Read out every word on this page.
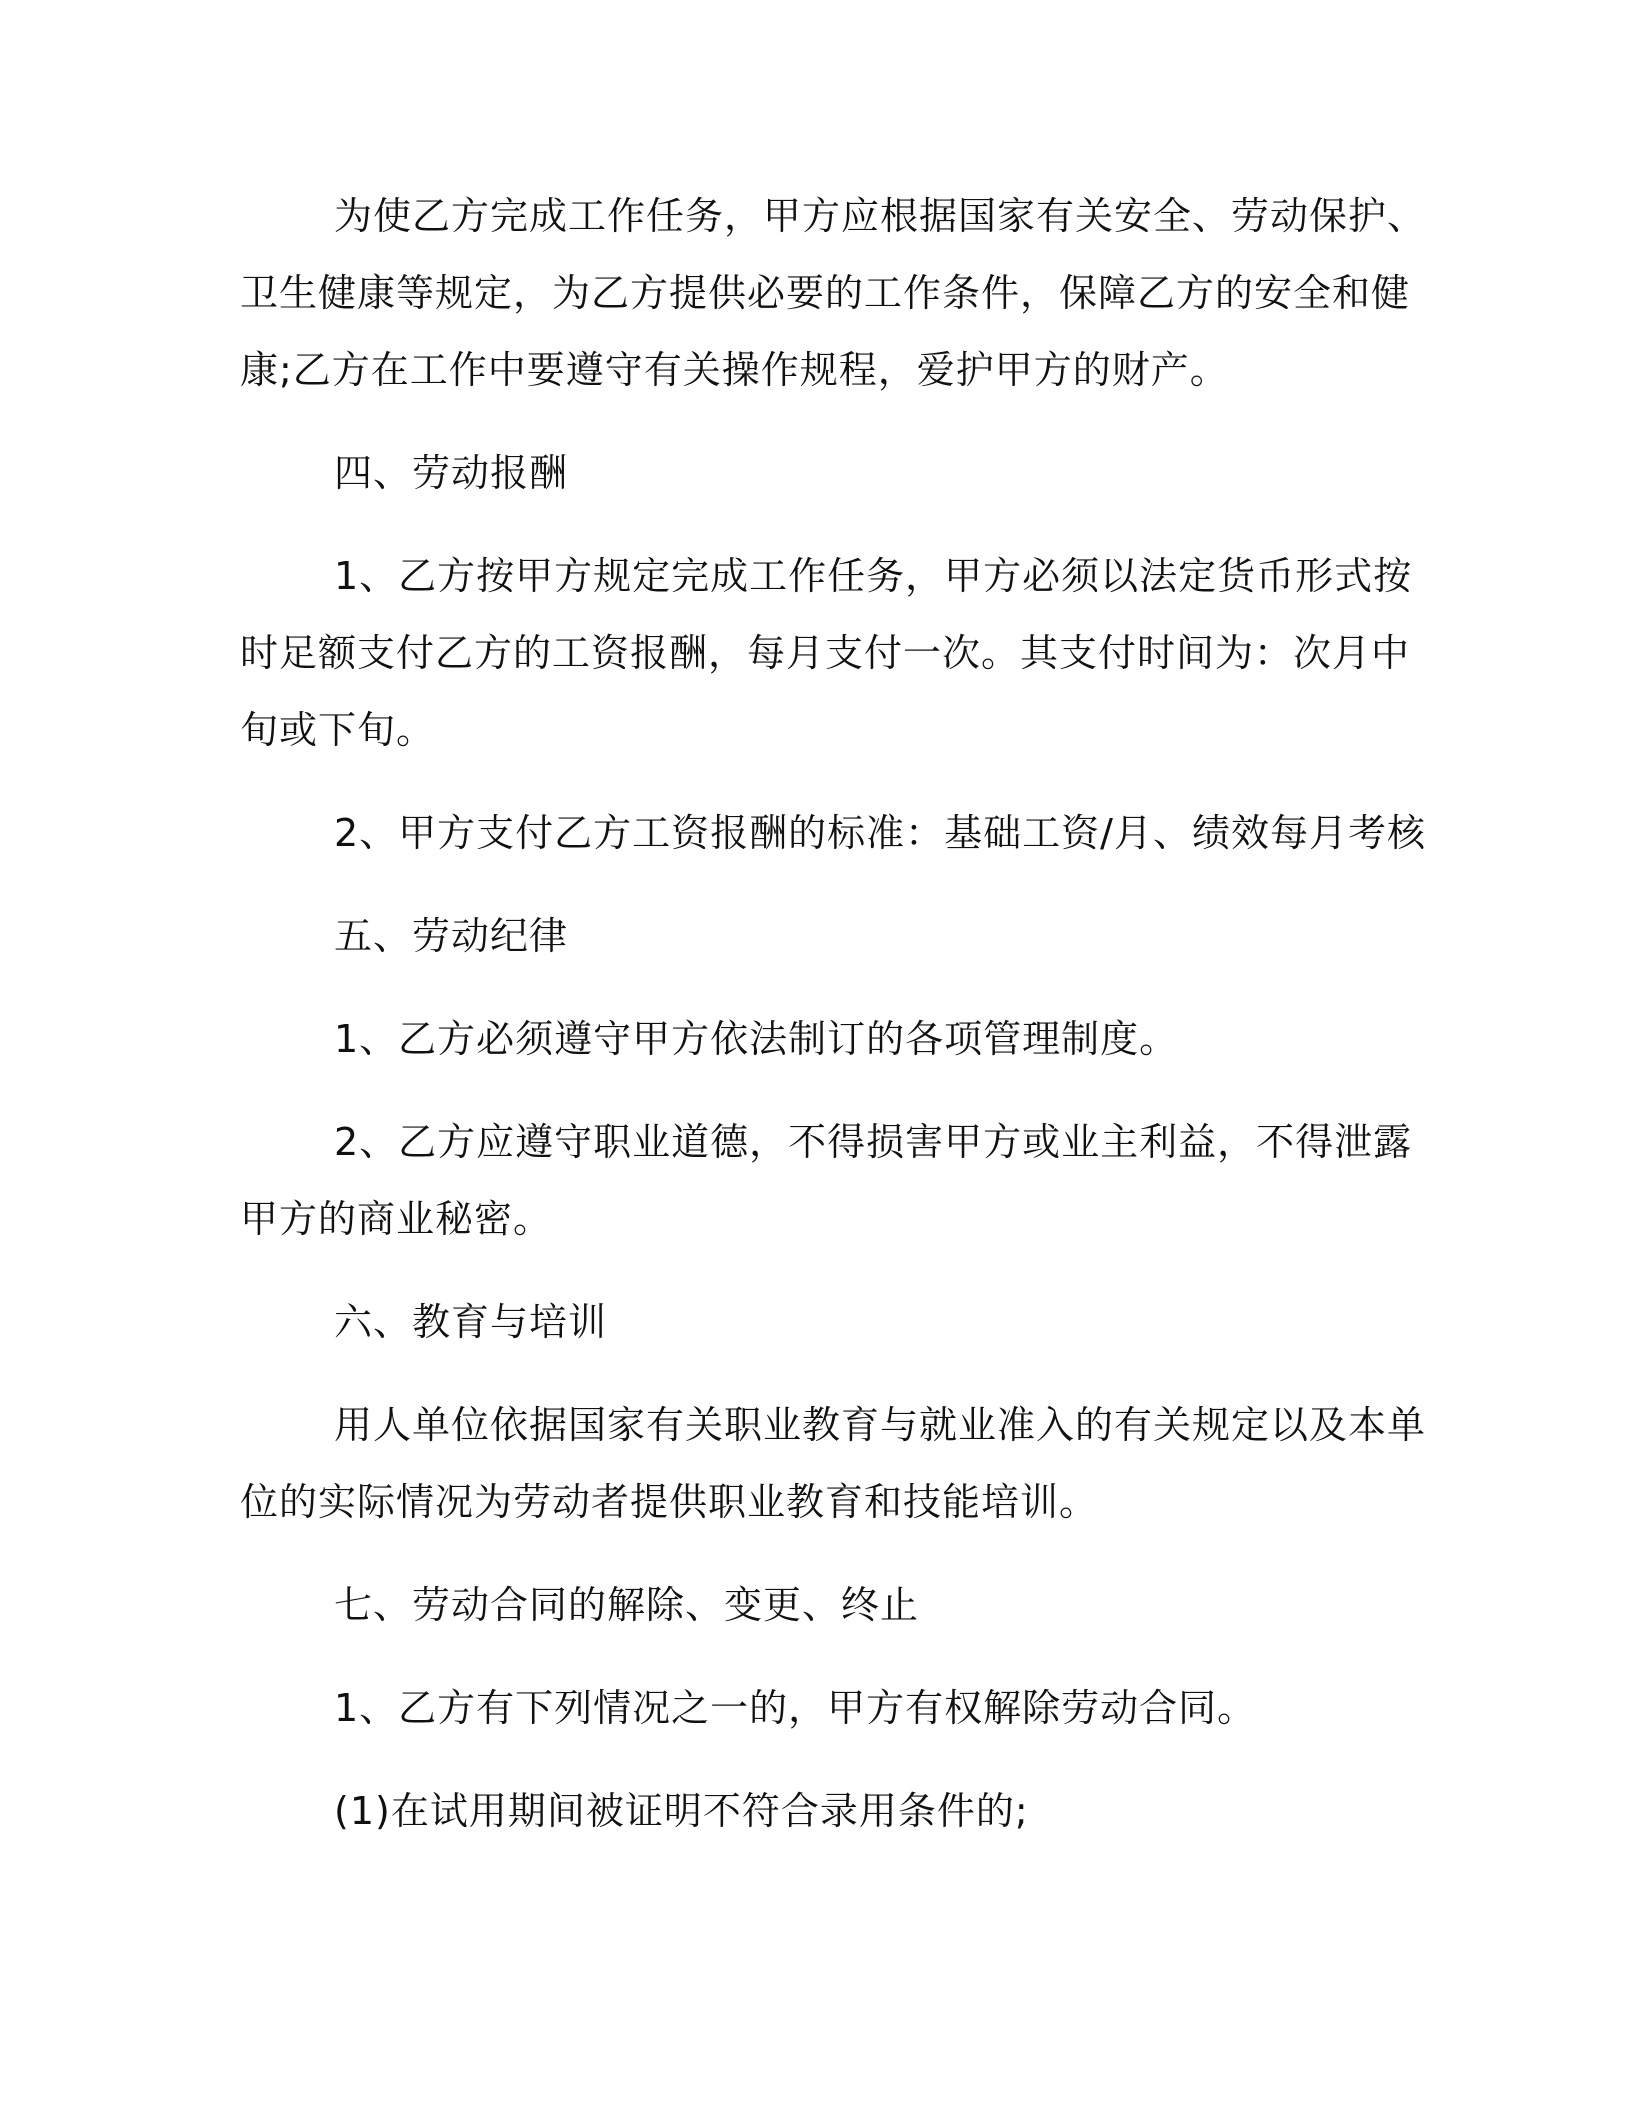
为使乙方完成工作任务，甲方应根据国家有关安全、劳动保护、
卫生健康等规定，为乙方提供必要的工作条件，保障乙方的安全和健
康;乙方在工作中要遵守有关操作规程，爱护甲方的财产。
四、劳动报酬
1、乙方按甲方规定完成工作任务，甲方必须以法定货币形式按
时足额支付乙方的工资报酬，每月支付一次。其支付时间为：次月中
旬或下旬。
2、甲方支付乙方工资报酬的标准：基础工资/月、绩效每月考核
五、劳动纪律
1、乙方必须遵守甲方依法制订的各项管理制度。
2、乙方应遵守职业道德，不得损害甲方或业主利益，不得泄露
甲方的商业秘密。
六、教育与培训
用人单位依据国家有关职业教育与就业准入的有关规定以及本单
位的实际情况为劳动者提供职业教育和技能培训。
七、劳动合同的解除、变更、终止
1、乙方有下列情况之一的，甲方有权解除劳动合同。
(1)在试用期间被证明不符合录用条件的;
